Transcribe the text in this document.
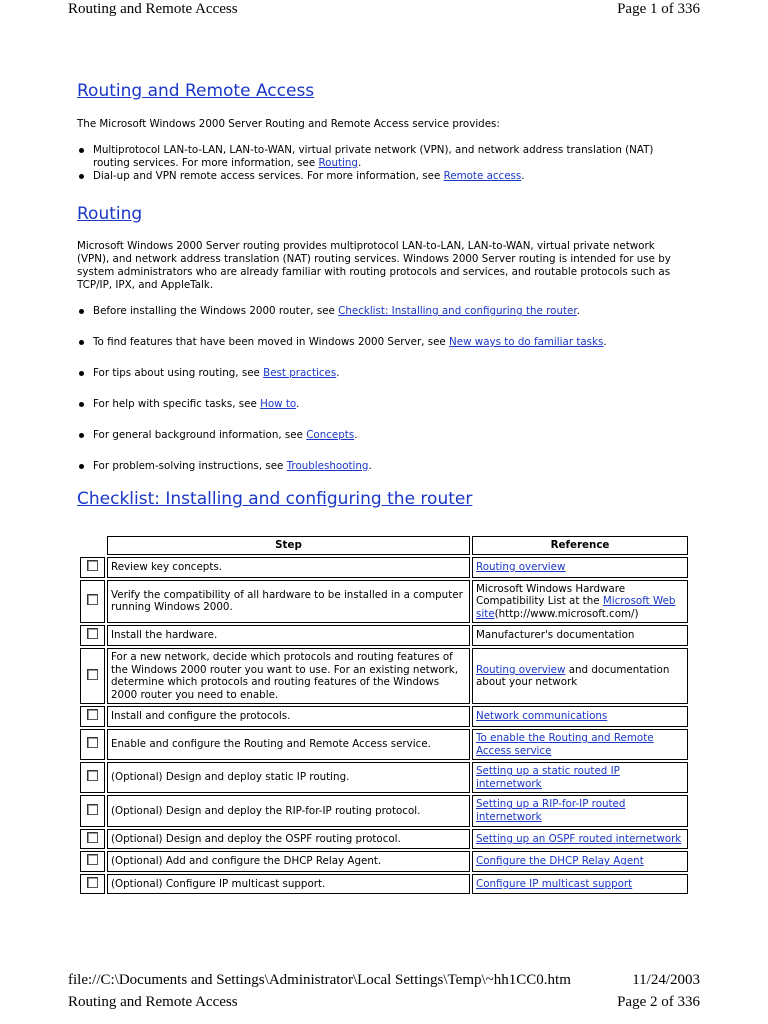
Routing and Remote Access	Page 1 of 336
Routing and Remote Access

The Microsoft Windows 2000 Server Routing and Remote Access service provides:

Multiprotocol LAN-to-LAN, LAN-to-WAN, virtual private network (VPN), and network address translation (NAT) routing services. For more information, see Routing.
Dial-up and VPN remote access services. For more information, see Remote access.
Routing

Microsoft Windows 2000 Server routing provides multiprotocol LAN-to-LAN, LAN-to-WAN, virtual private network (VPN), and network address translation (NAT) routing services. Windows 2000 Server routing is intended for use by system administrators who are already familiar with routing protocols and services, and routable protocols such as TCP/IP, IPX, and AppleTalk.

Before installing the Windows 2000 router, see Checklist: Installing and configuring the router.
To find features that have been moved in Windows 2000 Server, see New ways to do familiar tasks.
For tips about using routing, see Best practices.
For help with specific tasks, see How to.
For general background information, see Concepts.
For problem-solving instructions, see Troubleshooting.
Checklist: Installing and configuring the router
	Step	Reference
	Review key concepts.	Routing overview
	Verify the compatibility of all hardware to be installed in a computer running Windows 2000.	Microsoft Windows Hardware Compatibility List at the Microsoft Web site(http://www.microsoft.com/)
	Install the hardware.	Manufacturer's documentation
	For a new network, decide which protocols and routing features of the Windows 2000 router you want to use. For an existing network, determine which protocols and routing features of the Windows 2000 router you need to enable.	Routing overview and documentation about your network
	Install and configure the protocols.	Network communications
	Enable and configure the Routing and Remote Access service.	To enable the Routing and Remote Access service
	(Optional) Design and deploy static IP routing.	Setting up a static routed IP internetwork
	(Optional) Design and deploy the RIP-for-IP routing protocol.	Setting up a RIP-for-IP routed internetwork
	(Optional) Design and deploy the OSPF routing protocol.	Setting up an OSPF routed internetwork
	(Optional) Add and configure the DHCP Relay Agent.	Configure the DHCP Relay Agent
	(Optional) Configure IP multicast support.	Configure IP multicast support
file://C:\Documents and Settings\Administrator\Local Settings\Temp\~hh1CC0.htm	11/24/2003
Routing and Remote Access	Page 2 of 336
